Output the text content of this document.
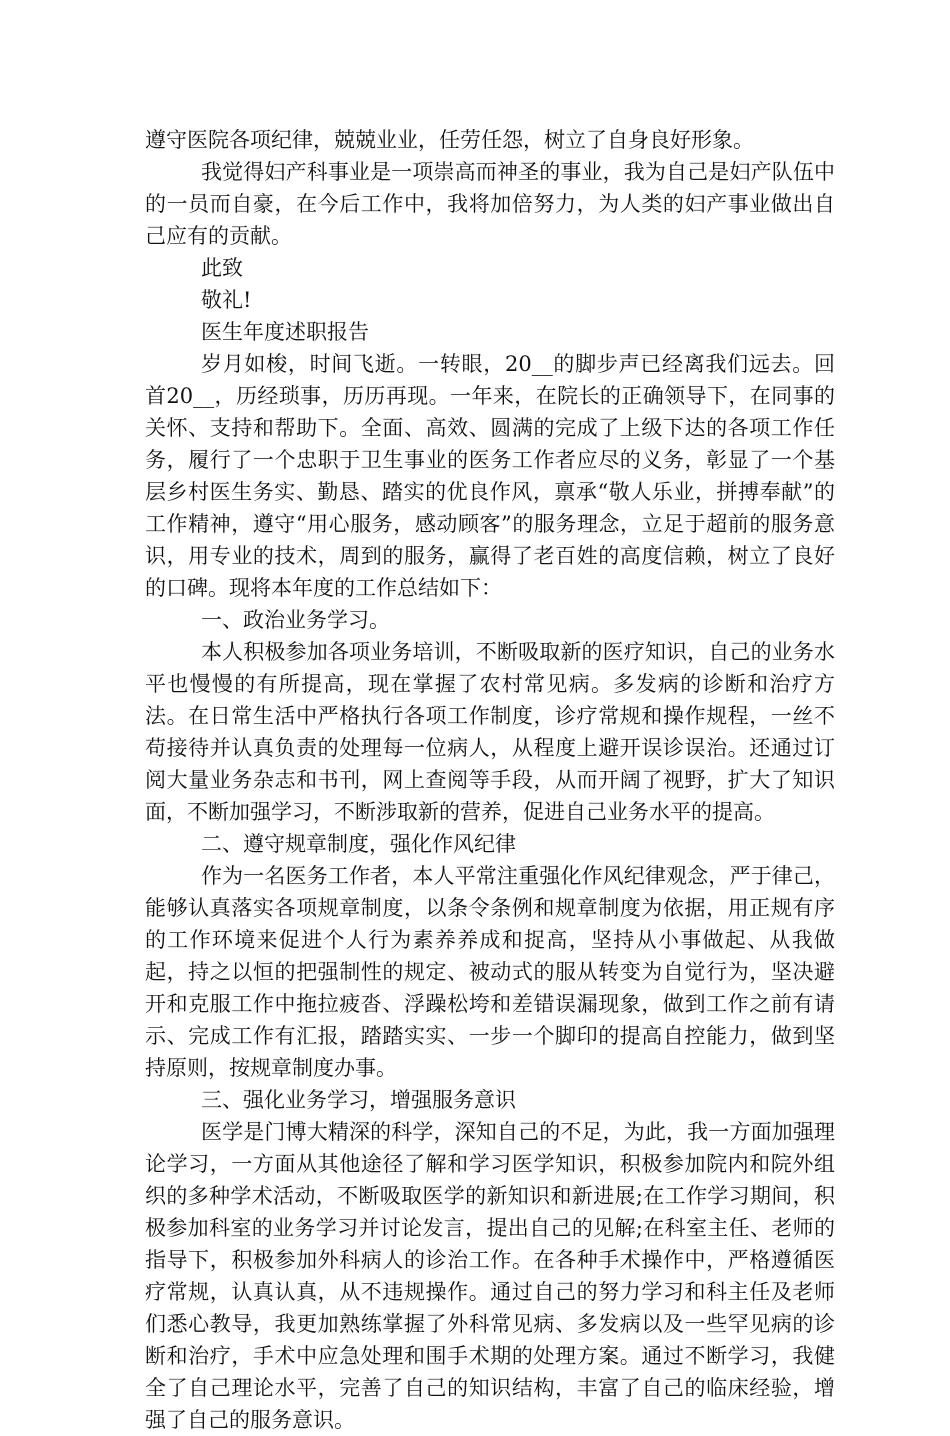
遵守医院各项纪律，兢兢业业，任劳任怨，树立了自身良好形象。

我觉得妇产科事业是一项崇高而神圣的事业，我为自己是妇产队伍中的一员而自豪，在今后工作中，我将加倍努力，为人类的妇产事业做出自己应有的贡献。

此致

敬礼!

医生年度述职报告

岁月如梭，时间飞逝。一转眼，20__的脚步声已经离我们远去。回首20__，历经琐事，历历再现。一年来，在院长的正确领导下，在同事的关怀、支持和帮助下。全面、高效、圆满的完成了上级下达的各项工作任务，履行了一个忠职于卫生事业的医务工作者应尽的义务，彰显了一个基层乡村医生务实、勤恳、踏实的优良作风，禀承“敬人乐业，拼搏奉献”的工作精神，遵守“用心服务，感动顾客”的服务理念，立足于超前的服务意识，用专业的技术，周到的服务，赢得了老百姓的高度信赖，树立了良好的口碑。现将本年度的工作总结如下：

一、政治业务学习。

本人积极参加各项业务培训，不断吸取新的医疗知识，自己的业务水平也慢慢的有所提高，现在掌握了农村常见病。多发病的诊断和治疗方法。在日常生活中严格执行各项工作制度，诊疗常规和操作规程，一丝不苟接待并认真负责的处理每一位病人，从程度上避开误诊误治。还通过订阅大量业务杂志和书刊，网上查阅等手段，从而开阔了视野，扩大了知识面，不断加强学习，不断涉取新的营养，促进自己业务水平的提高。

二、遵守规章制度，强化作风纪律

作为一名医务工作者，本人平常注重强化作风纪律观念，严于律己，能够认真落实各项规章制度，以条令条例和规章制度为依据，用正规有序的工作环境来促进个人行为素养养成和捉高，坚持从小事做起、从我做起，持之以恒的把强制性的规定、被动式的服从转变为自觉行为，坚决避开和克服工作中拖拉疲沓、浮躁松垮和差错误漏现象，做到工作之前有请示、完成工作有汇报，踏踏实实、一步一个脚印的提高自控能力，做到坚持原则，按规章制度办事。

三、强化业务学习，增强服务意识

医学是门博大精深的科学，深知自己的不足，为此，我一方面加强理论学习，一方面从其他途径了解和学习医学知识，积极参加院内和院外组织的多种学术活动，不断吸取医学的新知识和新进展;在工作学习期间，积极参加科室的业务学习并讨论发言，提出自己的见解;在科室主任、老师的指导下，积极参加外科病人的诊治工作。在各种手术操作中，严格遵循医疗常规，认真认真，从不违规操作。通过自己的努力学习和科主任及老师们悉心教导，我更加熟练掌握了外科常见病、多发病以及一些罕见病的诊断和治疗，手术中应急处理和围手术期的处理方案。通过不断学习，我健全了自己理论水平，完善了自己的知识结构，丰富了自己的临床经验，增强了自己的服务意识。
